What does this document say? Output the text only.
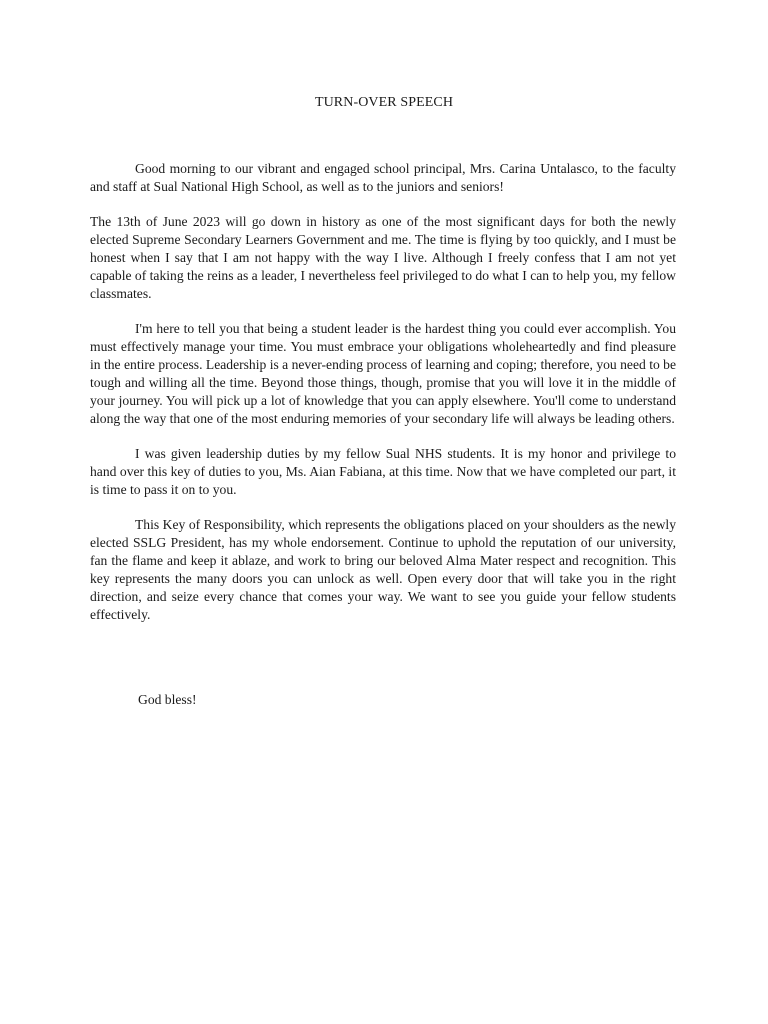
TURN-OVER SPEECH

Good morning to our vibrant and engaged school principal, Mrs. Carina Untalasco, to the faculty and staff at Sual National High School, as well as to the juniors and seniors!

The 13th of June 2023 will go down in history as one of the most significant days for both the newly elected Supreme Secondary Learners Government and me. The time is flying by too quickly, and I must be honest when I say that I am not happy with the way I live. Although I freely confess that I am not yet capable of taking the reins as a leader, I nevertheless feel privileged to do what I can to help you, my fellow classmates.

I'm here to tell you that being a student leader is the hardest thing you could ever accomplish. You must effectively manage your time. You must embrace your obligations wholeheartedly and find pleasure in the entire process. Leadership is a never-ending process of learning and coping; therefore, you need to be tough and willing all the time. Beyond those things, though, promise that you will love it in the middle of your journey. You will pick up a lot of knowledge that you can apply elsewhere. You'll come to understand along the way that one of the most enduring memories of your secondary life will always be leading others.

I was given leadership duties by my fellow Sual NHS students. It is my honor and privilege to hand over this key of duties to you, Ms. Aian Fabiana, at this time. Now that we have completed our part, it is time to pass it on to you.

This Key of Responsibility, which represents the obligations placed on your shoulders as the newly elected SSLG President, has my whole endorsement. Continue to uphold the reputation of our university, fan the flame and keep it ablaze, and work to bring our beloved Alma Mater respect and recognition. This key represents the many doors you can unlock as well. Open every door that will take you in the right direction, and seize every chance that comes your way. We want to see you guide your fellow students effectively.

God bless!
